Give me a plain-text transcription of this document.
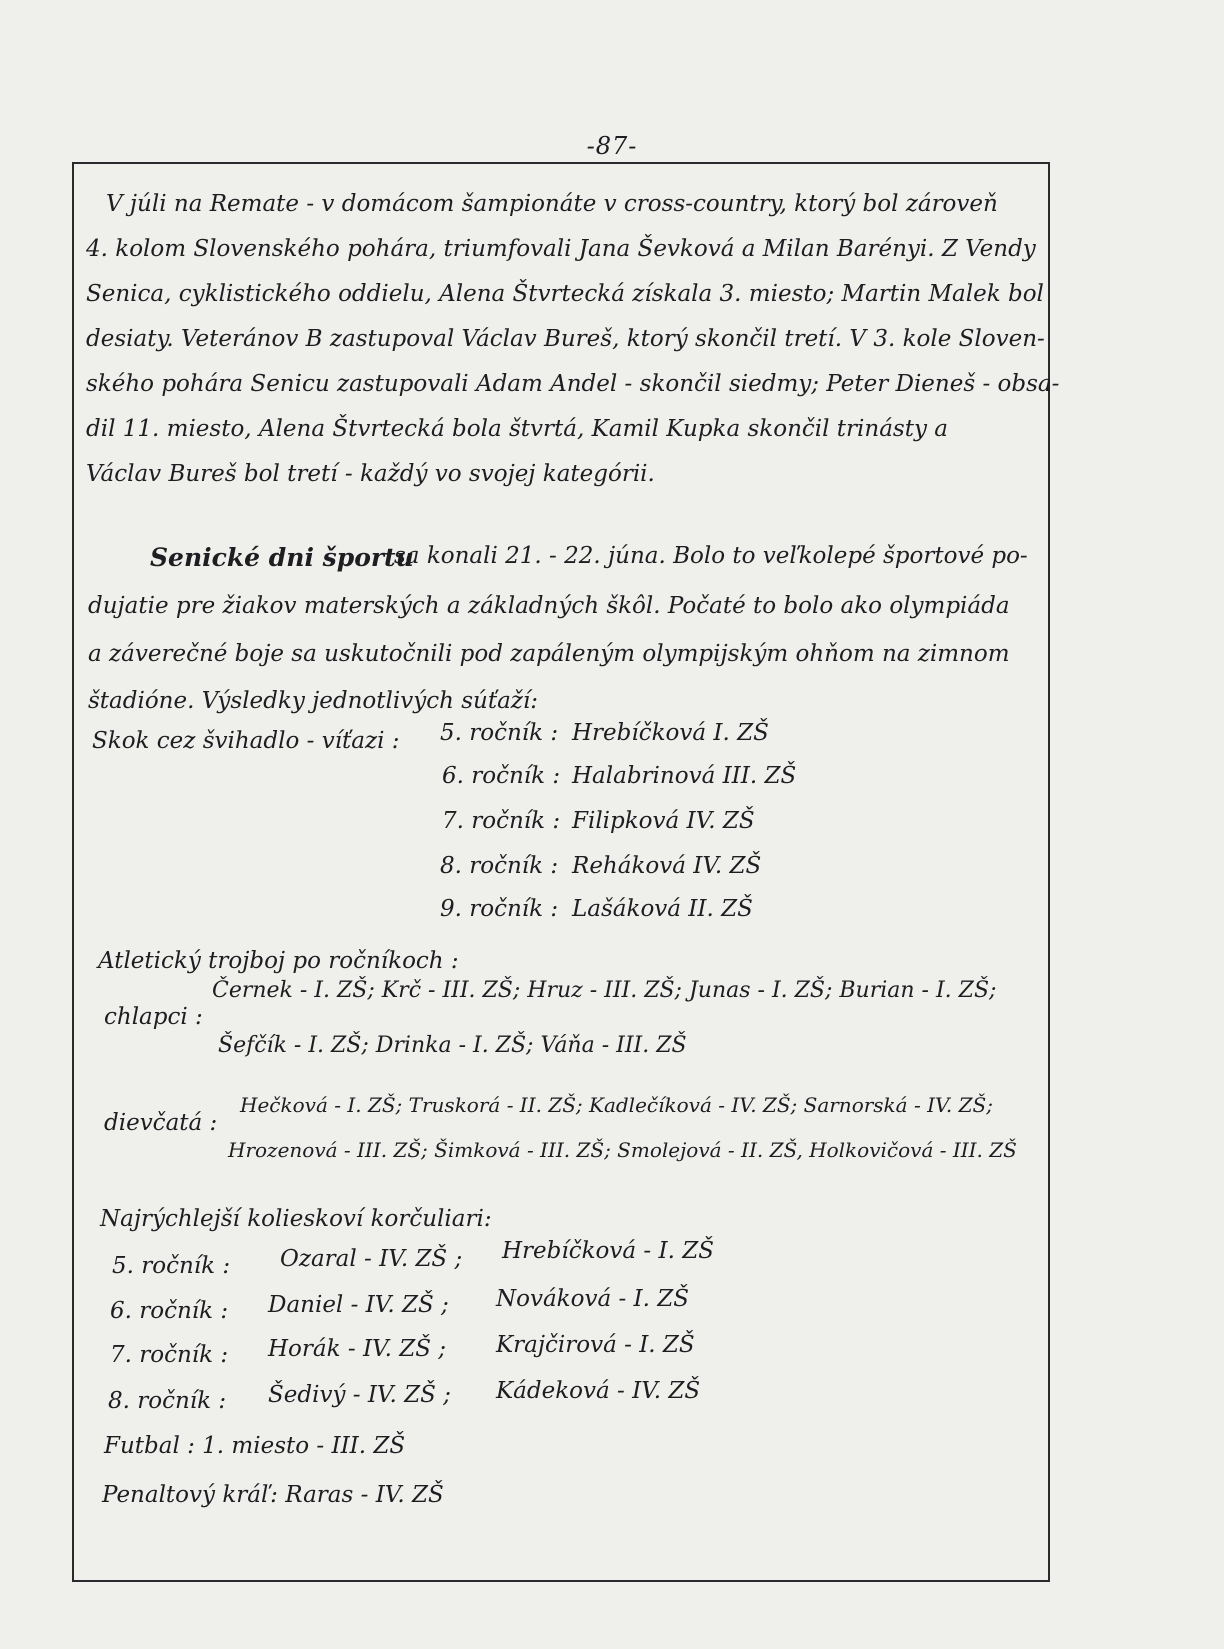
-87-
V júli na Remate - v domácom šampionáte v cross-country, ktorý bol zároveň
4. kolom Slovenského pohára, triumfovali Jana Ševková a Milan Barényi. Z Vendy
Senica, cyklistického oddielu, Alena Štvrtecká získala 3. miesto; Martin Malek bol
desiaty. Veteránov B zastupoval Václav Bureš, ktorý skončil tretí. V 3. kole Sloven-
ského pohára Senicu zastupovali Adam Andel - skončil siedmy; Peter Dieneš - obsa-
dil 11. miesto, Alena Štvrtecká bola štvrtá, Kamil Kupka skončil trinásty a
Václav Bureš bol tretí - každý vo svojej kategórii.
Senické dni športu
sa konali 21. - 22. júna. Bolo to veľkolepé športové po-
dujatie pre žiakov materských a základných škôl. Počaté to bolo ako olympiáda
a záverečné boje sa uskutočnili pod zapáleným olympijským ohňom na zimnom
štadióne. Výsledky jednotlivých súťaží:
Skok cez švihadlo - víťazi : 5. ročník : Hrebíčková I. ZŠ
6. ročník : Halabrinová III. ZŠ
7. ročník : Filipková IV. ZŠ
8. ročník : Reháková IV. ZŠ
9. ročník : Lašáková II. ZŠ
Atletický trojboj po ročníkoch :
chlapci :
Černek - I. ZŠ; Krč - III. ZŠ; Hruz - III. ZŠ; Junas - I. ZŠ; Burian - I. ZŠ;
Šefčík - I. ZŠ; Drinka - I. ZŠ; Váňa - III. ZŠ
dievčatá :
Hečková - I. ZŠ; Truskorá - II. ZŠ; Kadlečíková - IV. ZŠ; Sarnorská - IV. ZŠ;
Hrozenová - III. ZŠ; Šimková - III. ZŠ; Smolejová - II. ZŠ, Holkovičová - III. ZŠ
Najrýchlejší kolieskoví korčuliari:
5. ročník : Ozaral - IV. ZŠ ; Hrebíčková - I. ZŠ
6. ročník : Daniel - IV. ZŠ ; Nováková - I. ZŠ
7. ročník : Horák - IV. ZŠ ; Krajčirová - I. ZŠ
8. ročník : Šedivý - IV. ZŠ ; Kádeková - IV. ZŠ
Futbal : 1. miesto - III. ZŠ
Penaltový kráľ: Raras - IV. ZŠ
